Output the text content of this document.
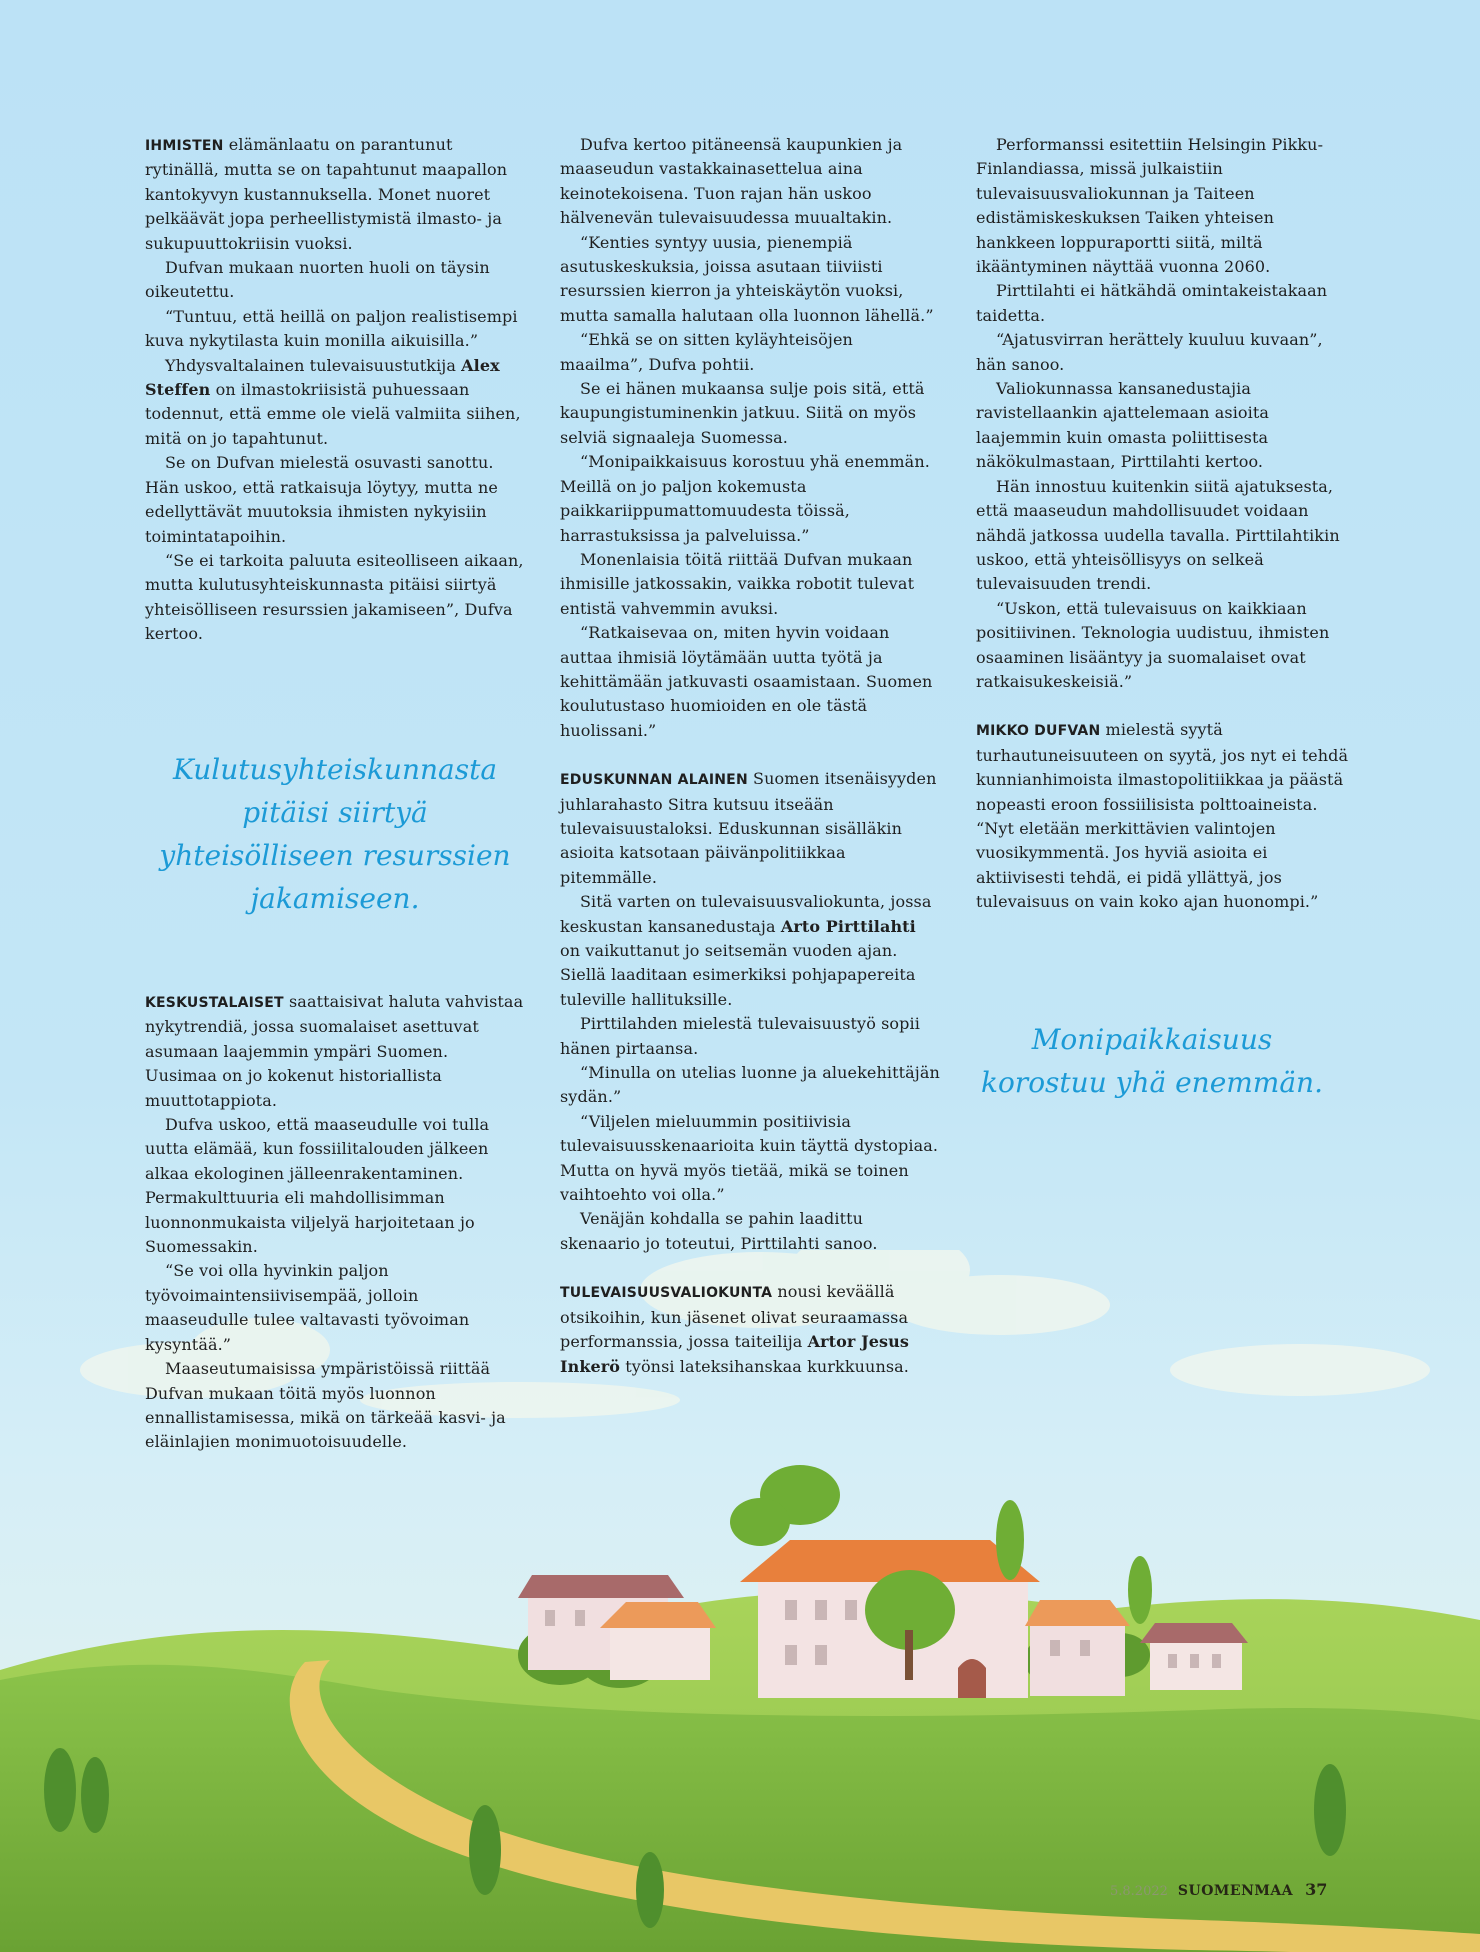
IHMISTEN elämänlaatu on parantunut rytinällä, mutta se on tapahtunut maapallon kantokyvyn kustannuksella. Monet nuoret pelkäävät jopa perheellistymistä ilmasto- ja sukupuuttokriisin vuoksi.

Dufvan mukaan nuorten huoli on täysin oikeutettu.

“Tuntuu, että heillä on paljon realistisempi kuva nykytilasta kuin monilla aikuisilla.”

Yhdysvaltalainen tulevaisuustutkija Alex Steffen on ilmastokriisistä puhuessaan todennut, että emme ole vielä valmiita siihen, mitä on jo tapahtunut.

Se on Dufvan mielestä osuvasti sanottu. Hän uskoo, että ratkaisuja löytyy, mutta ne edellyttävät muutoksia ihmisten nykyisiin toimintatapoihin.

“Se ei tarkoita paluuta esiteolliseen aikaan, mutta kulutusyhteiskunnasta pitäisi siirtyä yhteisölliseen resurssien jakamiseen”, Dufva kertoo.

Kulutusyhteiskunnasta pitäisi siirtyä yhteisölliseen resurssien jakamiseen.

KESKUSTALAISET saattaisivat haluta vahvistaa nykytrendiä, jossa suomalaiset asettuvat asumaan laajemmin ympäri Suomen. Uusimaa on jo kokenut historiallista muuttotappiota.

Dufva uskoo, että maaseudulle voi tulla uutta elämää, kun fossiilitalouden jälkeen alkaa ekologinen jälleenrakentaminen. Permakulttuuria eli mahdollisimman luonnonmukaista viljelyä harjoitetaan jo Suomessakin.

“Se voi olla hyvinkin paljon työvoimaintensiivisempää, jolloin maaseudulle tulee valtavasti työvoiman kysyntää.”

Maaseutumaisissa ympäristöissä riittää Dufvan mukaan töitä myös luonnon ennallistamisessa, mikä on tärkeää kasvi- ja eläinlajien monimuotoisuudelle.

Dufva kertoo pitäneensä kaupunkien ja maaseudun vastakkainasettelua aina keinotekoisena. Tuon rajan hän uskoo hälvenevän tulevaisuudessa muualtakin.

“Kenties syntyy uusia, pienempiä asutuskeskuksia, joissa asutaan tiiviisti resurssien kierron ja yhteiskäytön vuoksi, mutta samalla halutaan olla luonnon lähellä.”

“Ehkä se on sitten kyläyhteisöjen maailma”, Dufva pohtii.

Se ei hänen mukaansa sulje pois sitä, että kaupungistuminenkin jatkuu. Siitä on myös selviä signaaleja Suomessa.

“Monipaikkaisuus korostuu yhä enemmän. Meillä on jo paljon kokemusta paikkariippumattomuudesta töissä, harrastuksissa ja palveluissa.”

Monenlaisia töitä riittää Dufvan mukaan ihmisille jatkossakin, vaikka robotit tulevat entistä vahvemmin avuksi.

“Ratkaisevaa on, miten hyvin voidaan auttaa ihmisiä löytämään uutta työtä ja kehittämään jatkuvasti osaamistaan. Suomen koulutustaso huomioiden en ole tästä huolissani.”

EDUSKUNNAN ALAINEN Suomen itsenäisyyden juhlarahasto Sitra kutsuu itseään tulevaisuustaloksi. Eduskunnan sisälläkin asioita katsotaan päivänpolitiikkaa pitemmälle.

Sitä varten on tulevaisuusvaliokunta, jossa keskustan kansanedustaja Arto Pirttilahti on vaikuttanut jo seitsemän vuoden ajan. Siellä laaditaan esimerkiksi pohjapapereita tuleville hallituksille.

Pirttilahden mielestä tulevaisuustyö sopii hänen pirtaansa.

“Minulla on utelias luonne ja aluekehittäjän sydän.”

“Viljelen mieluummin positiivisia tulevaisuusskenaarioita kuin täyttä dystopiaa. Mutta on hyvä myös tietää, mikä se toinen vaihtoehto voi olla.”

Venäjän kohdalla se pahin laadittu skenaario jo toteutui, Pirttilahti sanoo.

TULEVAISUUSVALIOKUNTA nousi keväällä otsikoihin, kun jäsenet olivat seuraamassa performanssia, jossa taiteilija Artor Jesus Inkerö työnsi lateksihanskaa kurkkuunsa.

Performanssi esitettiin Helsingin Pikku-Finlandiassa, missä julkaistiin tulevaisuusvaliokunnan ja Taiteen edistämiskeskuksen Taiken yhteisen hankkeen loppuraportti siitä, miltä ikääntyminen näyttää vuonna 2060.

Pirttilahti ei hätkähdä omintakeistakaan taidetta.

“Ajatusvirran herättely kuuluu kuvaan”, hän sanoo.

Valiokunnassa kansanedustajia ravistellaankin ajattelemaan asioita laajemmin kuin omasta poliittisesta näkökulmastaan, Pirttilahti kertoo.

Hän innostuu kuitenkin siitä ajatuksesta, että maaseudun mahdollisuudet voidaan nähdä jatkossa uudella tavalla. Pirttilahtikin uskoo, että yhteisöllisyys on selkeä tulevaisuuden trendi.

“Uskon, että tulevaisuus on kaikkiaan positiivinen. Teknologia uudistuu, ihmisten osaaminen lisääntyy ja suomalaiset ovat ratkaisukeskeisiä.”

MIKKO DUFVAN mielestä syytä turhautuneisuuteen on syytä, jos nyt ei tehdä kunnianhimoista ilmastopolitiikkaa ja päästä nopeasti eroon fossiilisista polttoaineista.

“Nyt eletään merkittävien valintojen vuosikymmentä. Jos hyviä asioita ei aktiivisesti tehdä, ei pidä yllättyä, jos tulevaisuus on vain koko ajan huonompi.”

Monipaikkaisuus korostuu yhä enemmän.
5.8.2022 SUOMENMAA 37
